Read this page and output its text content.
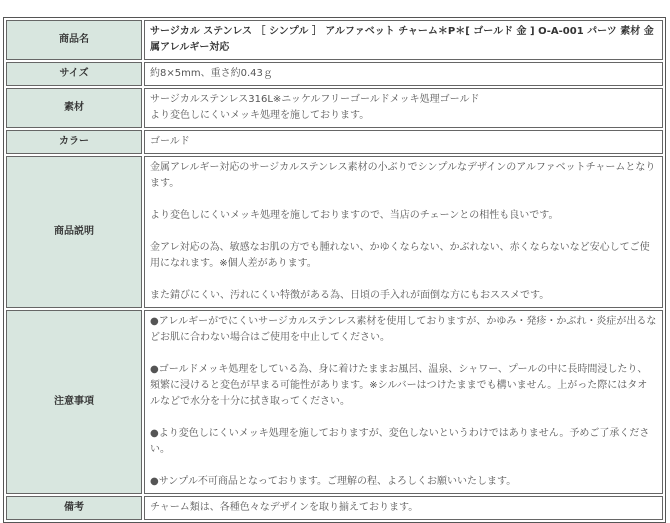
商品名	サージカル ステンレス ［ シンプル ］ アルファベット チャーム＊P＊[ ゴールド 金 ] O-A-001 パーツ 素材 金属アレルギー対応
サイズ	約8×5mm、重さ約0.43ｇ
素材	サージカルステンレス316L※ニッケルフリーゴールドメッキ処理ゴールド

より変色しにくいメッキ処理を施しております。

カラー	ゴールド
商品説明	金属アレルギー対応のサージカルステンレス素材の小ぶりでシンプルなデザインのアルファベットチャームとなります。

より変色しにくいメッキ処理を施しておりますので、当店のチェーンとの相性も良いです。

金アレ対応の為、敏感なお肌の方でも腫れない、かゆくならない、かぶれない、赤くならないなど安心してご使用になれます。※個人差があります。

また錆びにくい、汚れにくい特徴がある為、日頃の手入れが面倒な方にもおススメです。

注意事項	●アレルギーがでにくいサージカルステンレス素材を使用しておりますが、かゆみ・発疹・かぶれ・炎症が出るなどお肌に合わない場合はご使用を中止してください。

●ゴールドメッキ処理をしている為、身に着けたままお風呂、温泉、シャワー、プールの中に長時間浸したり、頻繁に浸けると変色が早まる可能性があります。※シルバーはつけたままでも構いません。上がった際にはタオルなどで水分を十分に拭き取ってください。

●より変色しにくいメッキ処理を施しておりますが、変色しないというわけではありません。予めご了承ください。

●サンプル不可商品となっております。ご理解の程、よろしくお願いいたします。

備考	チャーム類は、各種色々なデザインを取り揃えております。
